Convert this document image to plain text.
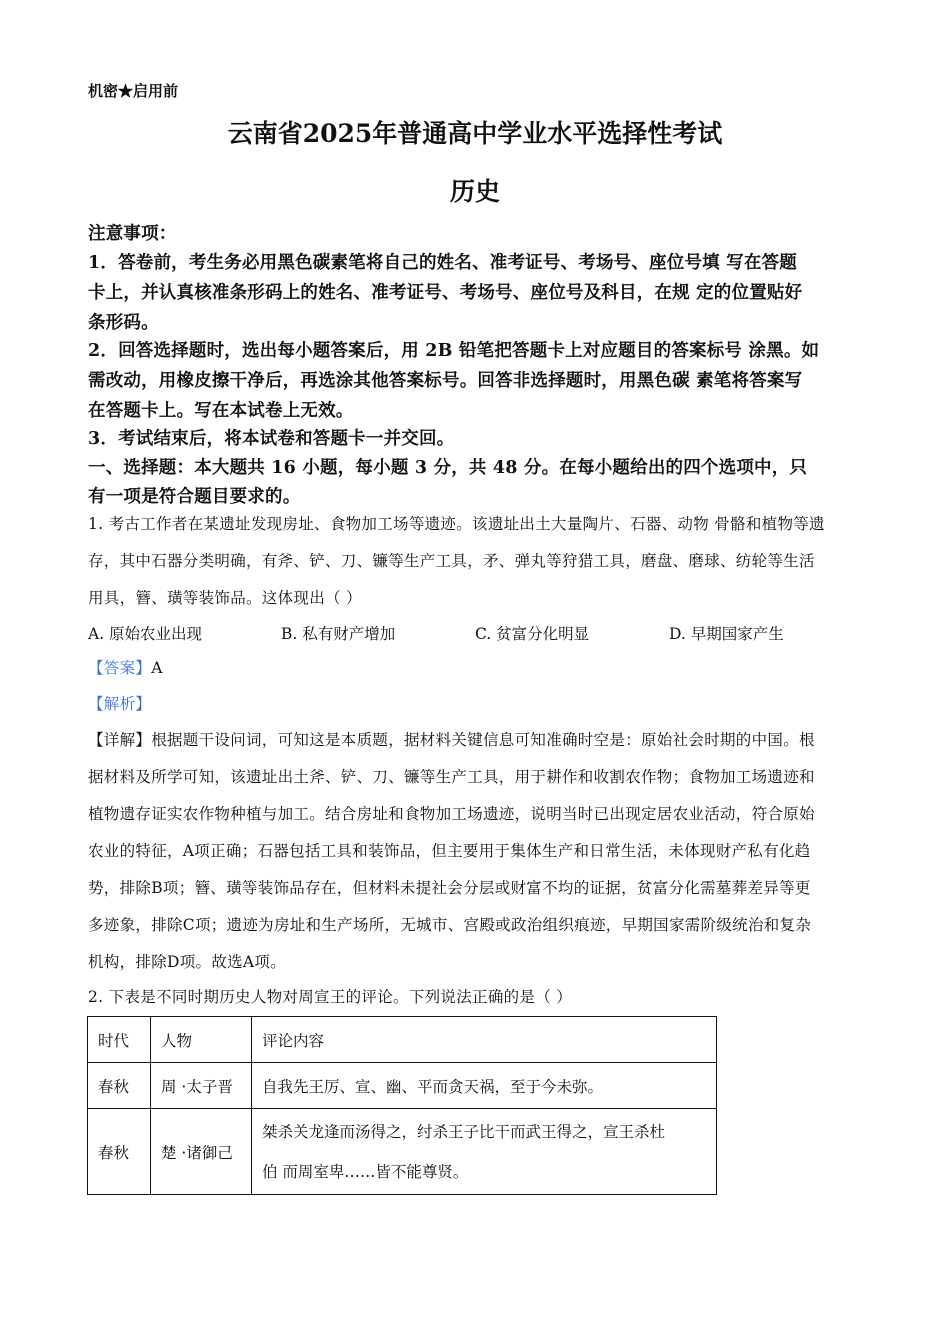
机密★启用前
云南省2025年普通高中学业水平选择性考试
历史
注意事项：
1．答卷前，考生务必用黑色碳素笔将自己的姓名、准考证号、考场号、座位号填 写在答题
卡上，并认真核准条形码上的姓名、准考证号、考场号、座位号及科目，在规 定的位置贴好
条形码。
2．回答选择题时，选出每小题答案后，用 2B 铅笔把答题卡上对应题目的答案标号 涂黑。如
需改动，用橡皮擦干净后，再选涂其他答案标号。回答非选择题时，用黑色碳 素笔将答案写
在答题卡上。写在本试卷上无效。
3．考试结束后，将本试卷和答题卡一并交回。
一、选择题：本大题共 16 小题，每小题 3 分，共 48 分。在每小题给出的四个选项中，只
有一项是符合题目要求的。
1. 考古工作者在某遗址发现房址、食物加工场等遗迹。该遗址出土大量陶片、石器、动物 骨骼和植物等遗
存，其中石器分类明确，有斧、铲、刀、镰等生产工具，矛、弹丸等狩猎工具，磨盘、磨球、纺轮等生活
用具，簪、璜等装饰品。这体现出（ ）
A. 原始农业出现	B. 私有财产增加	C. 贫富分化明显	D. 早期国家产生
【答案】A
【解析】
【详解】根据题干设问词，可知这是本质题，据材料关键信息可知准确时空是：原始社会时期的中国。根
据材料及所学可知，该遗址出土斧、铲、刀、镰等生产工具，用于耕作和收割农作物；食物加工场遗迹和
植物遗存证实农作物种植与加工。结合房址和食物加工场遗迹，说明当时已出现定居农业活动，符合原始
农业的特征，A项正确；石器包括工具和装饰品，但主要用于集体生产和日常生活，未体现财产私有化趋
势，排除B项；簪、璜等装饰品存在，但材料未提社会分层或财富不均的证据，贫富分化需墓葬差异等更
多迹象，排除C项；遗迹为房址和生产场所，无城市、宫殿或政治组织痕迹，早期国家需阶级统治和复杂
机构，排除D项。故选A项。
2. 下表是不同时期历史人物对周宣王的评论。下列说法正确的是（ ）
时代	人物	评论内容
春秋	周 ·太子晋	自我先王厉、宣、幽、平而贪天祸，至于今未弥。
春秋	楚 ·诸御己	桀杀关龙逢而汤得之，纣杀王子比干而武王得之，宣王杀杜
伯 而周室卑……皆不能尊贤。
